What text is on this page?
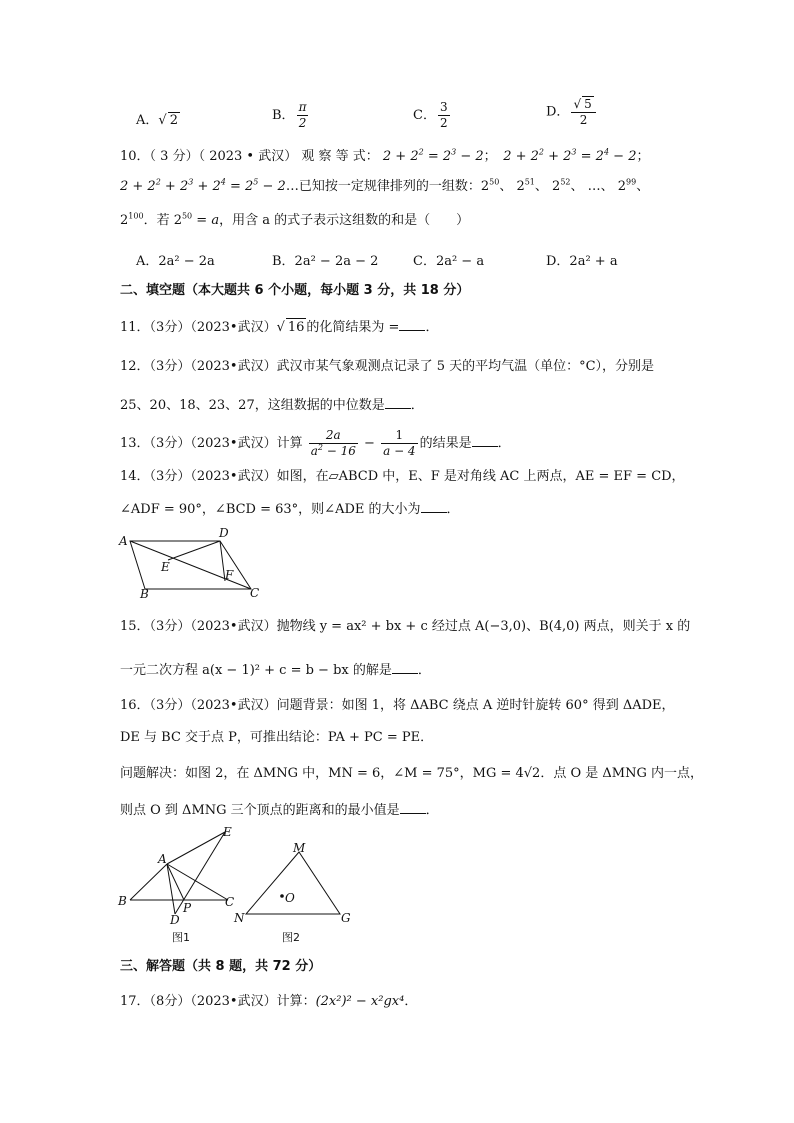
A．√ 2	B． $\frac{\pi}{2}$	C． $\frac{3}{2}$	D． $\frac{√ 5}{2}$
10．（ 3 分）（ 2023 • 武汉） 观 察 等 式： $2 + 2^2 = 2^3 - 2$；　$2 + 2^2 + 2^3 = 2^4 - 2$；
$2 + 2^2 + 2^3 + 2^4 = 2^5$ − 2…已知按一定规律排列的一组数：$2^{50}$、 $2^{51}$、 $2^{52}$、 …、 $2^{99}$、
$2^{100}$．若 $2^{50} = a$，用含 a 的式子表示这组数的和是（　　）
A．2a² − 2a	B．2a² − 2a − 2	C．2a² − a	D．2a² + a
二、填空题（本大题共 6 个小题，每小题 3 分，共 18 分）
11．（3分）（2023•武汉）√ 16 的化简结果为 = ．
12．（3分）（2023•武汉）武汉市某气象观测点记录了 5 天的平均气温（单位：°C），分别是
25、20、18、23、27，这组数据的中位数是 ．
13．（3分）（2023•武汉）计算 $\frac{2a}{a^2 - 16} - \frac{1}{a - 4}$ 的结果是 ．
14．（3分）（2023•武汉）如图，在▱ABCD 中，E、F 是对角线 AC 上两点，AE = EF = CD，
∠ADF = 90°，∠BCD = 63°，则∠ADE 的大小为 ．
A
D
E
F
C
B
15．（3分）（2023•武汉）抛物线 y = ax² + bx + c 经过点 A(−3,0)、B(4,0) 两点，则关于 x 的
一元二次方程 a(x − 1)² + c = b − bx 的解是 ．
16．（3分）（2023•武汉）问题背景：如图 1，将 ΔABC 绕点 A 逆时针旋转 60° 得到 ΔADE，
DE 与 BC 交于点 P，可推出结论：PA + PC = PE．
问题解决：如图 2，在 ΔMNG 中，MN = 6，∠M = 75°，MG = 4√2．点 O 是 ΔMNG 内一点，
则点 O 到 ΔMNG 三个顶点的距离和的最小值是 ．
E
A
B	C
D
P
图1
M
N	G
O
图2
三、解答题（共 8 题，共 72 分）
17．（8分）（2023•武汉）计算：(2x²)² − x²gx⁴．
